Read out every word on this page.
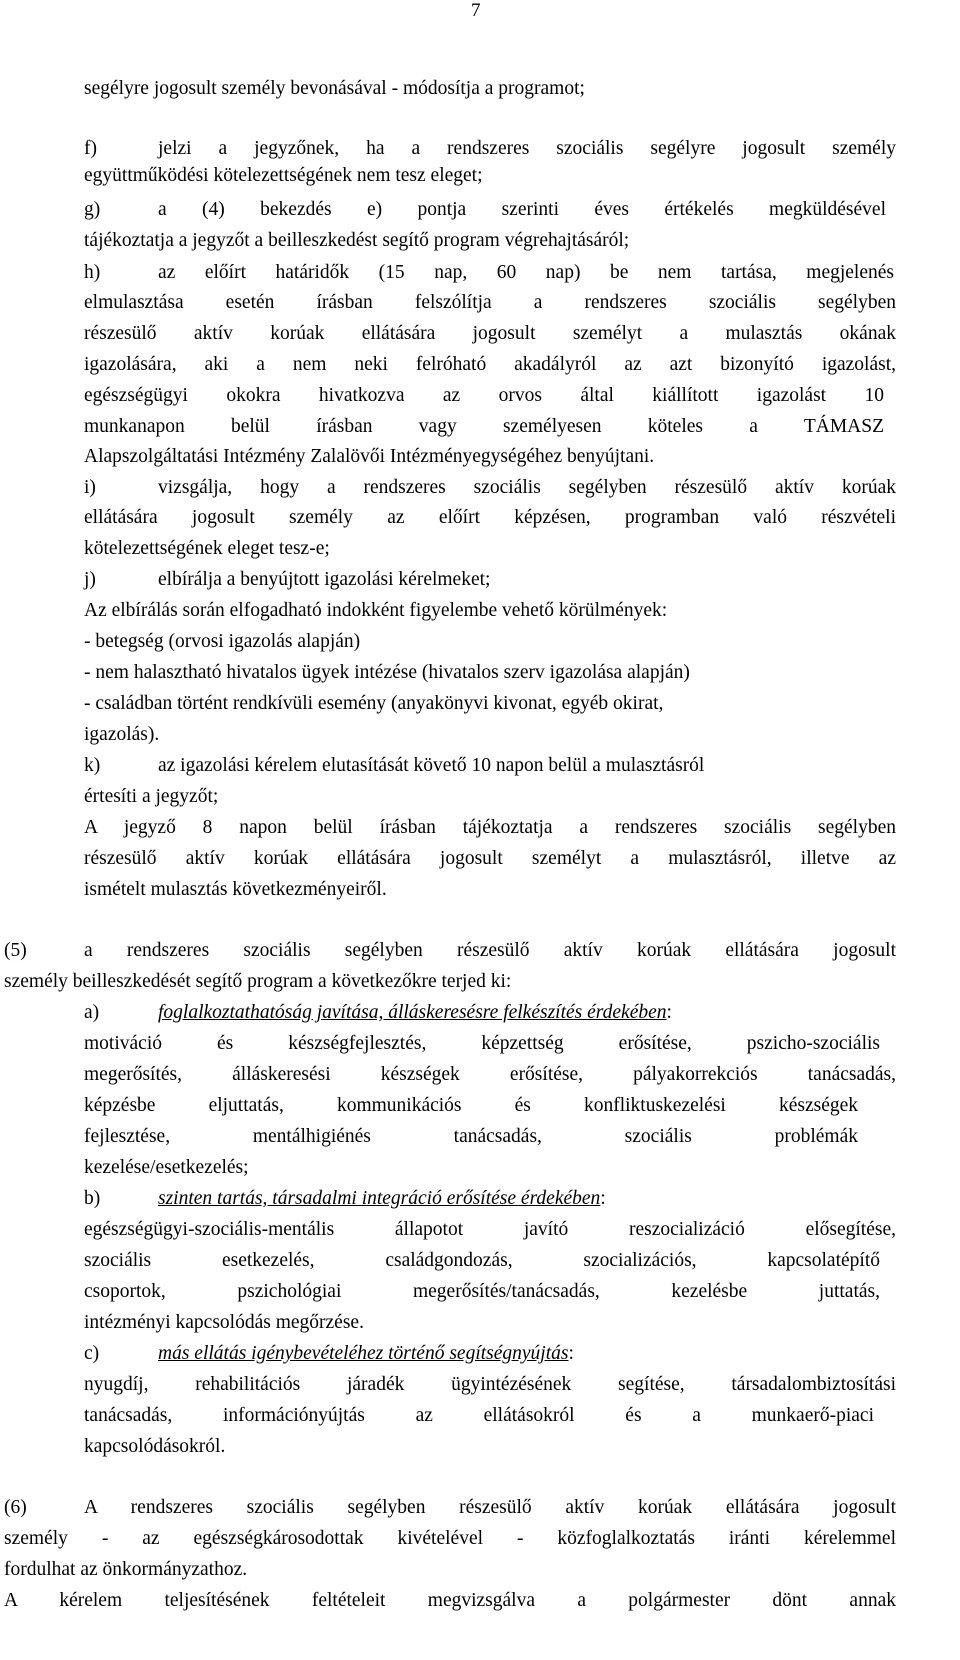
7
segélyre jogosult személy bevonásával - módosítja a programot;
f)	jelzi a jegyzőnek, ha a rendszeres szociális segélyre jogosult személy
együttműködési kötelezettségének nem tesz eleget;
g)	a (4) bekezdés e) pontja szerinti éves értékelés megküldésével
tájékoztatja a jegyzőt a beilleszkedést segítő program végrehajtásáról;
h)	az előírt határidők (15 nap, 60 nap) be nem tartása, megjelenés
elmulasztása esetén írásban felszólítja a rendszeres szociális segélyben
részesülő aktív korúak ellátására jogosult személyt a mulasztás okának
igazolására, aki a nem neki felróható akadályról az azt bizonyító igazolást,
egészségügyi okokra hivatkozva az orvos által kiállított igazolást 10
munkanapon belül írásban vagy személyesen köteles a TÁMASZ
Alapszolgáltatási Intézmény Zalalövői Intézményegységéhez benyújtani.
i)	vizsgálja, hogy a rendszeres szociális segélyben részesülő aktív korúak
ellátására jogosult személy az előírt képzésen, programban való részvételi
kötelezettségének eleget tesz-e;
j)	elbírálja a benyújtott igazolási kérelmeket;
Az elbírálás során elfogadható indokként figyelembe vehető körülmények:
- betegség (orvosi igazolás alapján)
- nem halasztható hivatalos ügyek intézése (hivatalos szerv igazolása alapján)
- családban történt rendkívüli esemény (anyakönyvi kivonat, egyéb okirat,
igazolás).
k)	az igazolási kérelem elutasítását követő 10 napon belül a mulasztásról
értesíti a jegyzőt;
A jegyző 8 napon belül írásban tájékoztatja a rendszeres szociális segélyben
részesülő aktív korúak ellátására jogosult személyt a mulasztásról, illetve az
ismételt mulasztás következményeiről.
(5)	a rendszeres szociális segélyben részesülő aktív korúak ellátására jogosult
személy beilleszkedését segítő program a következőkre terjed ki:
a)	foglalkoztathatóság javítása, álláskeresésre felkészítés érdekében:
motiváció és készségfejlesztés, képzettség erősítése, pszicho-szociális
megerősítés, álláskeresési készségek erősítése, pályakorrekciós tanácsadás,
képzésbe eljuttatás, kommunikációs és konfliktuskezelési készségek
fejlesztése, mentálhigiénés tanácsadás, szociális problémák
kezelése/esetkezelés;
b)	szinten tartás, társadalmi integráció erősítése érdekében:
egészségügyi-szociális-mentális állapotot javító reszocializáció elősegítése,
szociális esetkezelés, családgondozás, szocializációs, kapcsolatépítő
csoportok, pszichológiai megerősítés/tanácsadás, kezelésbe juttatás,
intézményi kapcsolódás megőrzése.
c)	más ellátás igénybevételéhez történő segítségnyújtás:
nyugdíj, rehabilitációs járadék ügyintézésének segítése, társadalombiztosítási
tanácsadás, információnyújtás az ellátásokról és a munkaerő-piaci
kapcsolódásokról.
(6)	A rendszeres szociális segélyben részesülő aktív korúak ellátására jogosult
személy - az egészségkárosodottak kivételével - közfoglalkoztatás iránti kérelemmel
fordulhat az önkormányzathoz.
A kérelem teljesítésének feltételeit megvizsgálva a polgármester dönt annak
